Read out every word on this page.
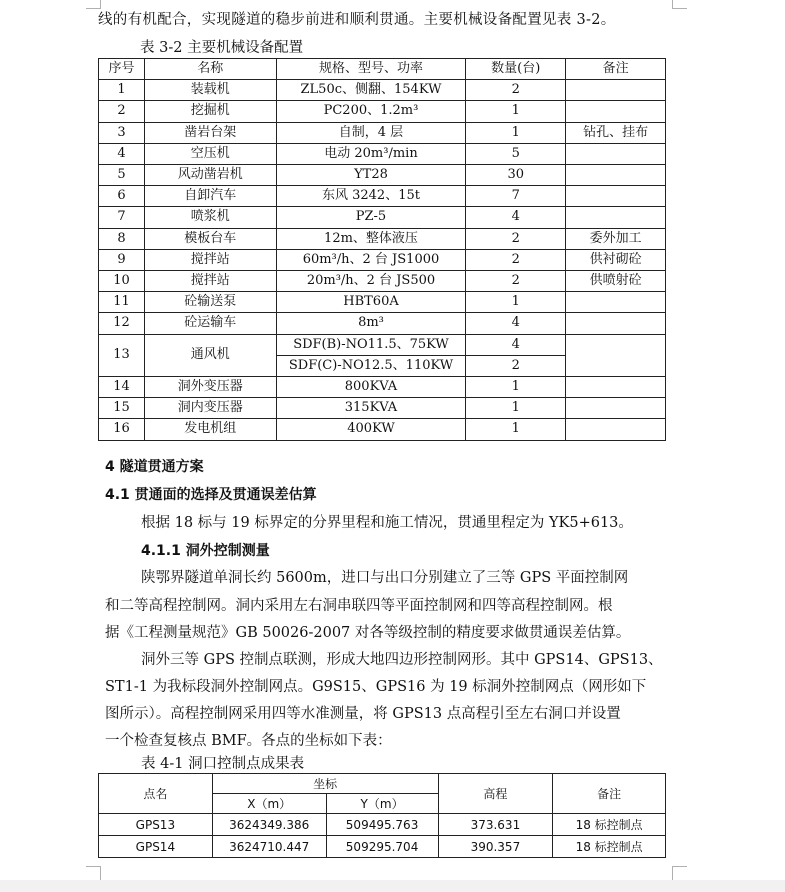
线的有机配合，实现隧道的稳步前进和顺利贯通。主要机械设备配置见表 3-2。
表 3-2 主要机械设备配置
序号	名称	规格、型号、功率	数量(台)	备注
1	装载机	ZL50c、侧翻、154KW	2	
2	挖掘机	PC200、1.2m³	1	
3	凿岩台架	自制，4 层	1	钻孔、挂布
4	空压机	电动 20m³/min	5	
5	风动凿岩机	YT28	30	
6	自卸汽车	东风 3242、15t	7	
7	喷浆机	PZ-5	4	
8	模板台车	12m、整体液压	2	委外加工
9	搅拌站	60m³/h、2 台 JS1000	2	供衬砌砼
10	搅拌站	20m³/h、2 台 JS500	2	供喷射砼
11	砼输送泵	HBT60A	1	
12	砼运输车	8m³	4	
13	通风机	SDF(B)-NO11.5、75KW	4	
		SDF(C)-NO12.5、110KW	2	
14	洞外变压器	800KVA	1	
15	洞内变压器	315KVA	1	
16	发电机组	400KW	1	
4 隧道贯通方案
4.1 贯通面的选择及贯通误差估算
根据 18 标与 19 标界定的分界里程和施工情况，贯通里程定为 YK5+613。
4.1.1 洞外控制测量
陕鄂界隧道单洞长约 5600m，进口与出口分别建立了三等 GPS 平面控制网
和二等高程控制网。洞内采用左右洞串联四等平面控制网和四等高程控制网。根
据《工程测量规范》GB 50026-2007 对各等级控制的精度要求做贯通误差估算。
洞外三等 GPS 控制点联测，形成大地四边形控制网形。其中 GPS14、GPS13、
ST1-1 为我标段洞外控制网点。G9S15、GPS16 为 19 标洞外控制网点（网形如下
图所示）。高程控制网采用四等水准测量，将 GPS13 点高程引至左右洞口并设置
一个检查复核点 BMF。各点的坐标如下表：
表 4-1 洞口控制点成果表
点名	坐标		高程	备注
	X（m）	Y（m）		
GPS13	3624349.386	509495.763	373.631	18 标控制点
GPS14	3624710.447	509295.704	390.357	18 标控制点
